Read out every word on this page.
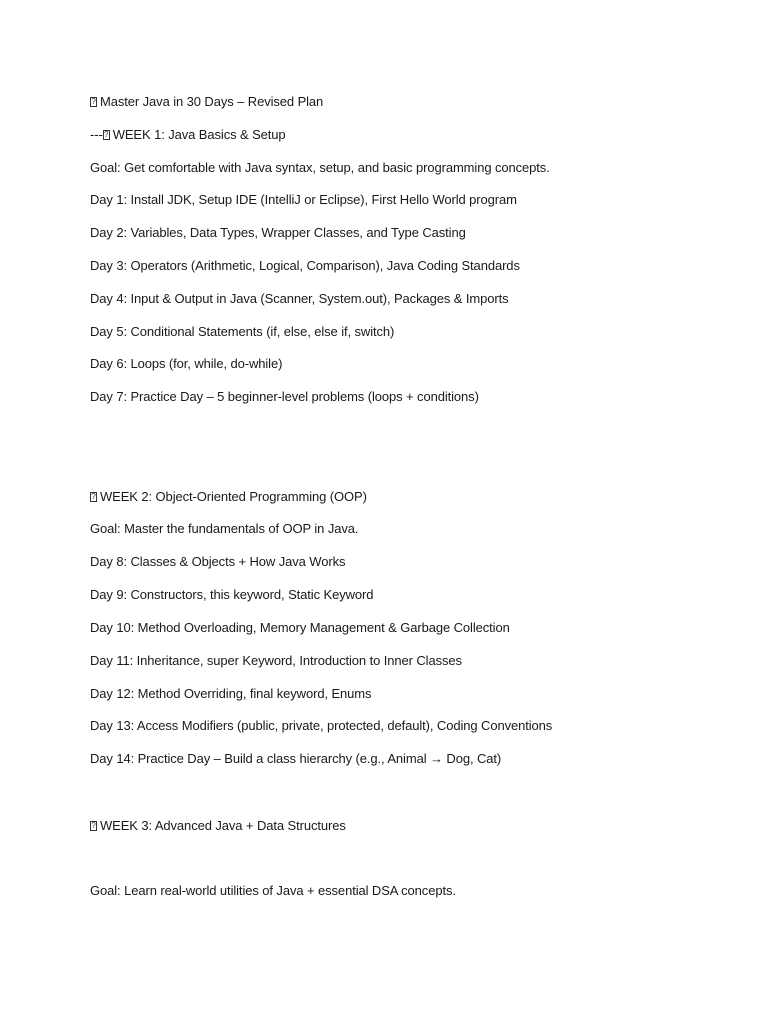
?Master Java in 30 Days – Revised Plan
---? WEEK 1: Java Basics & Setup
Goal: Get comfortable with Java syntax, setup, and basic programming concepts.
Day 1: Install JDK, Setup IDE (IntelliJ or Eclipse), First Hello World program
Day 2: Variables, Data Types, Wrapper Classes, and Type Casting
Day 3: Operators (Arithmetic, Logical, Comparison), Java Coding Standards
Day 4: Input & Output in Java (Scanner, System.out), Packages & Imports
Day 5: Conditional Statements (if, else, else if, switch)
Day 6: Loops (for, while, do-while)
Day 7: Practice Day – 5 beginner-level problems (loops + conditions)
?WEEK 2: Object-Oriented Programming (OOP)
Goal: Master the fundamentals of OOP in Java.
Day 8: Classes & Objects + How Java Works
Day 9: Constructors, this keyword, Static Keyword
Day 10: Method Overloading, Memory Management & Garbage Collection
Day 11: Inheritance, super Keyword, Introduction to Inner Classes
Day 12: Method Overriding, final keyword, Enums
Day 13: Access Modifiers (public, private, protected, default), Coding Conventions
Day 14: Practice Day – Build a class hierarchy (e.g., Animal → Dog, Cat)
?WEEK 3: Advanced Java + Data Structures
Goal: Learn real-world utilities of Java + essential DSA concepts.
